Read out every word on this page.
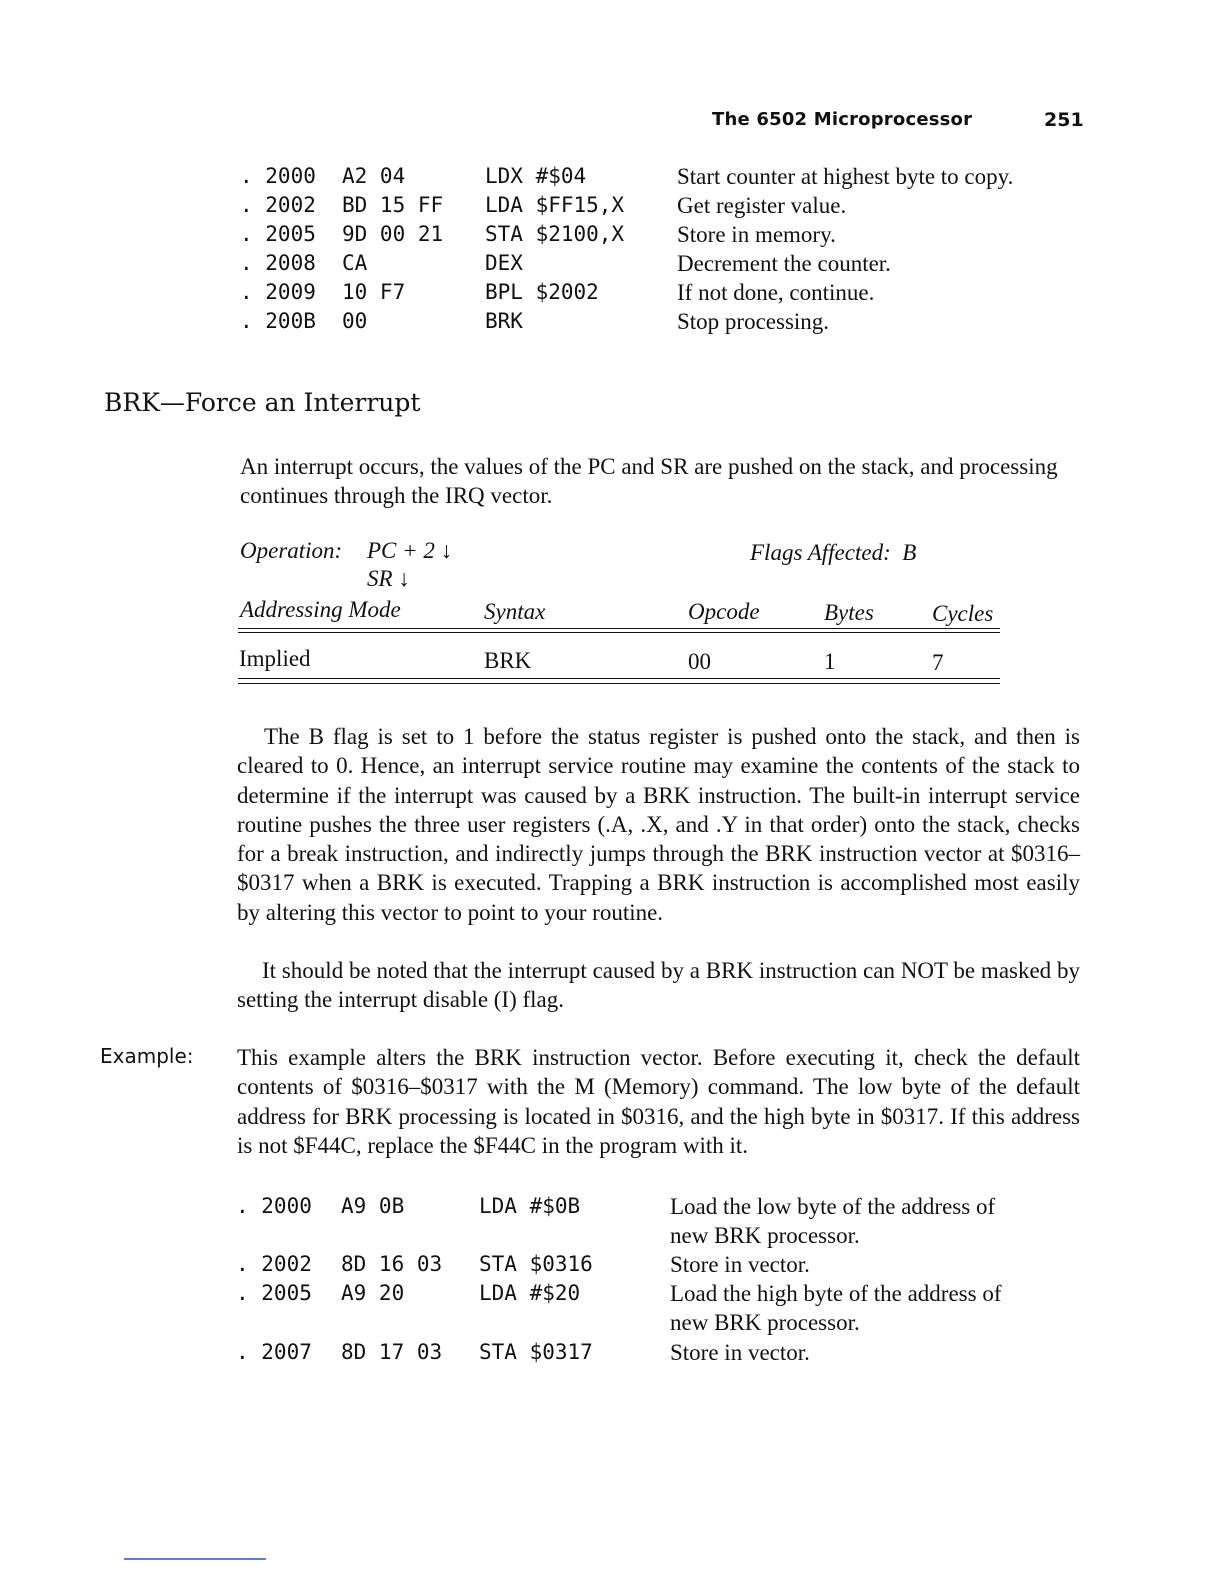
The 6502 Microprocessor	251
. 2000 A2 04	LDX #$04	Start counter at highest byte to copy.
. 2002 BD 15 FF LDA $FF15,X Get register value.
. 2005 9D 00 21 STA $2100,X Store in memory.
. 2008 CA	DEX	Decrement the counter.
. 2009 10 F7	BPL $2002	If not done, continue.
. 200B 00	BRK	Stop processing.
BRK—Force an Interrupt
An interrupt occurs, the values of the PC and SR are pushed on the stack, and processing continues through the IRQ vector.
Operation: PC + 2 ↓
SR ↓
Flags Affected:  B
Addressing Mode	Syntax	Opcode	Bytes	Cycles
Implied	BRK	00	1	7
The B flag is set to 1 before the status register is pushed onto the stack, and then is cleared to 0. Hence, an interrupt service routine may examine the contents of the stack to determine if the interrupt was caused by a BRK instruction. The built-in interrupt service routine pushes the three user registers (.A, .X, and .Y in that order) onto the stack, checks for a break instruction, and indirectly jumps through the BRK instruction vector at $0316–$0317 when a BRK is executed. Trapping a BRK instruction is accomplished most easily by altering this vector to point to your routine.
It should be noted that the interrupt caused by a BRK instruction can NOT be masked by setting the interrupt disable (I) flag.
Example: This example alters the BRK instruction vector. Before executing it, check the default contents of $0316–$0317 with the M (Memory) command. The low byte of the default address for BRK processing is located in $0316, and the high byte in $0317. If this address is not $F44C, replace the $F44C in the program with it.
. 2000 A9 0B	LDA #$0B	Load the low byte of the address of
new BRK processor.
. 2002 8D 16 03 STA $0316	Store in vector.
. 2005 A9 20	LDA #$20	Load the high byte of the address of
new BRK processor.
. 2007 8D 17 03 STA $0317	Store in vector.
